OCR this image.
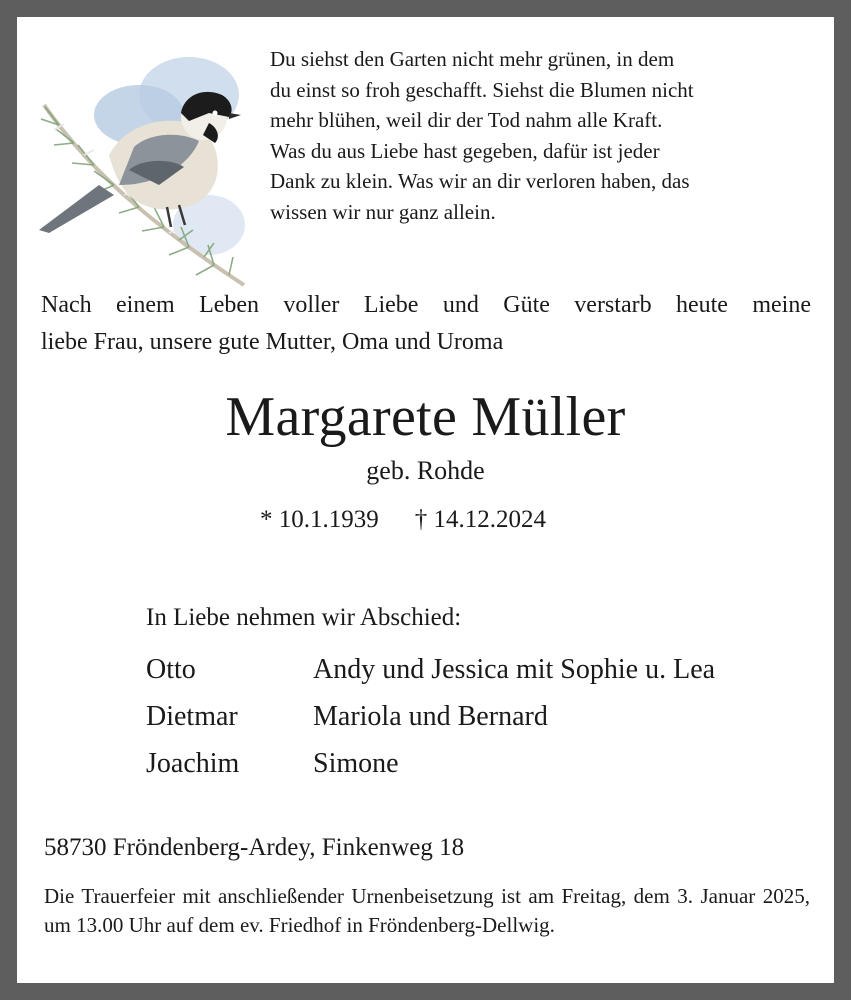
Du siehst den Garten nicht mehr grünen, in dem
du einst so froh geschafft. Siehst die Blumen nicht
mehr blühen, weil dir der Tod nahm alle Kraft.
Was du aus Liebe hast gegeben, dafür ist jeder
Dank zu klein. Was wir an dir verloren haben, das
wissen wir nur ganz allein.
Nach einem Leben voller Liebe und Güte verstarb heute meine
liebe Frau, unsere gute Mutter, Oma und Uroma
Margarete Müller
geb. Rohde
* 10.1.1939 † 14.12.2024
In Liebe nehmen wir Abschied:
Otto	Andy und Jessica mit Sophie u. Lea
Dietmar	Mariola und Bernard
Joachim	Simone
58730 Fröndenberg-Ardey, Finkenweg 18
Die Trauerfeier mit anschließender Urnenbeisetzung ist am Freitag, dem 3. Januar 2025, um 13.00 Uhr auf dem ev. Friedhof in Fröndenberg-Dellwig.
